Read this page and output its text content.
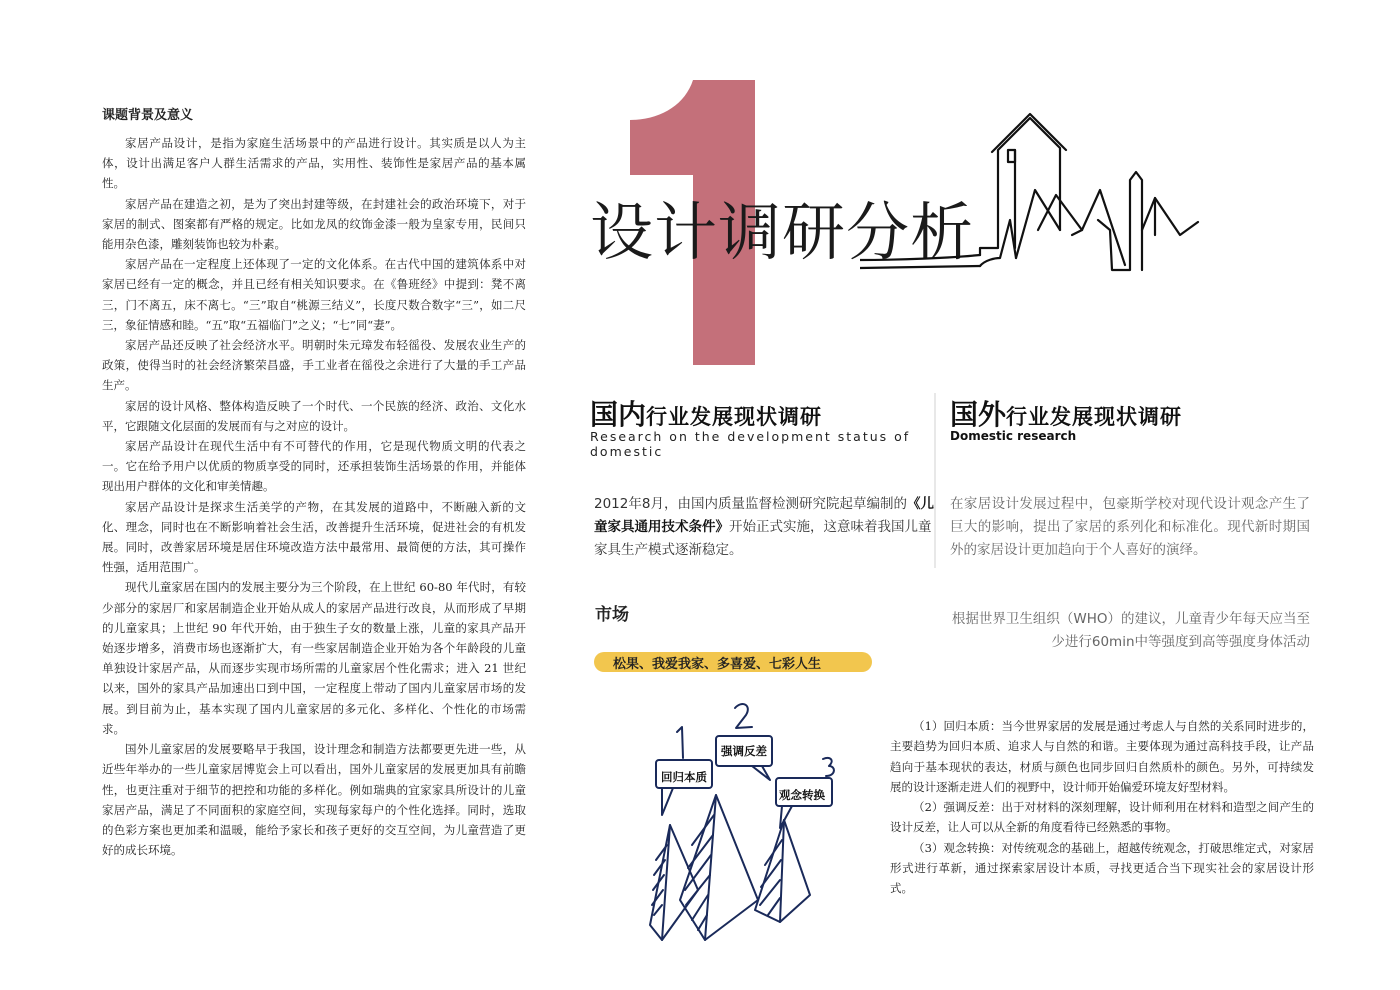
课题背景及意义

家居产品设计，是指为家庭生活场景中的产品进行设计。其实质是以人为主体，设计出满足客户人群生活需求的产品，实用性、装饰性是家居产品的基本属性。

家居产品在建造之初，是为了突出封建等级，在封建社会的政治环境下，对于家居的制式、图案都有严格的规定。比如龙凤的纹饰金漆一般为皇家专用，民间只能用杂色漆，雕刻装饰也较为朴素。

家居产品在一定程度上还体现了一定的文化体系。在古代中国的建筑体系中对家居已经有一定的概念，并且已经有相关知识要求。在《鲁班经》中提到：凳不离三，门不离五，床不离七。“三”取自“桃源三结义”，长度尺数合数字“三”，如二尺三，象征情感和睦。“五”取“五福临门”之义；“七”同“妻”。

家居产品还反映了社会经济水平。明朝时朱元璋发布轻徭役、发展农业生产的政策，使得当时的社会经济繁荣昌盛，手工业者在徭役之余进行了大量的手工产品生产。

家居的设计风格、整体构造反映了一个时代、一个民族的经济、政治、文化水平，它跟随文化层面的发展而有与之对应的设计。

家居产品设计在现代生活中有不可替代的作用，它是现代物质文明的代表之一。它在给予用户以优质的物质享受的同时，还承担装饰生活场景的作用，并能体现出用户群体的文化和审美情趣。

家居产品设计是探求生活美学的产物，在其发展的道路中，不断融入新的文化、理念，同时也在不断影响着社会生活，改善提升生活环境，促进社会的有机发展。同时，改善家居环境是居住环境改造方法中最常用、最简便的方法，其可操作性强，适用范围广。

现代儿童家居在国内的发展主要分为三个阶段，在上世纪 60-80 年代时，有较少部分的家居厂和家居制造企业开始从成人的家居产品进行改良，从而形成了早期的儿童家具；上世纪 90 年代开始，由于独生子女的数量上涨，儿童的家具产品开始逐步增多，消费市场也逐渐扩大，有一些家居制造企业开始为各个年龄段的儿童单独设计家居产品，从而逐步实现市场所需的儿童家居个性化需求；进入 21 世纪以来，国外的家具产品加速出口到中国，一定程度上带动了国内儿童家居市场的发展。到目前为止，基本实现了国内儿童家居的多元化、多样化、个性化的市场需求。

国外儿童家居的发展要略早于我国，设计理念和制造方法都要更先进一些，从近些年举办的一些儿童家居博览会上可以看出，国外儿童家居的发展更加具有前瞻性，也更注重对于细节的把控和功能的多样化。例如瑞典的宜家家具所设计的儿童家居产品，满足了不同面积的家庭空间，实现每家每户的个性化选择。同时，选取的色彩方案也更加柔和温暖，能给予家长和孩子更好的交互空间，为儿童营造了更好的成长环境。

设计调研分析
国内行业发展现状调研
Research on the development status of domestic
国外行业发展现状调研
Domestic research
2012年8月，由国内质量监督检测研究院起草编制的《儿童家具通用技术条件》开始正式实施，这意味着我国儿童家具生产模式逐渐稳定。
在家居设计发展过程中，包豪斯学校对现代设计观念产生了巨大的影响，提出了家居的系列化和标准化。现代新时期国外的家居设计更加趋向于个人喜好的演绎。
根据世界卫生组织（WHO）的建议，儿童青少年每天应当至少进行60min中等强度到高等强度身体活动
市场
松果、我爱我家、多喜爱、七彩人生
回归本质
强调反差
观念转换

（1）回归本质：当今世界家居的发展是通过考虑人与自然的关系同时进步的，主要趋势为回归本质、追求人与自然的和谐。主要体现为通过高科技手段，让产品趋向于基本现状的表达，材质与颜色也同步回归自然质朴的颜色。另外，可持续发展的设计逐渐走进人们的视野中，设计师开始偏爱环境友好型材料。

（2）强调反差：出于对材料的深刻理解，设计师利用在材料和造型之间产生的设计反差，让人可以从全新的角度看待已经熟悉的事物。

（3）观念转换：对传统观念的基础上，超越传统观念，打破思维定式，对家居形式进行革新，通过探索家居设计本质，寻找更适合当下现实社会的家居设计形式。
